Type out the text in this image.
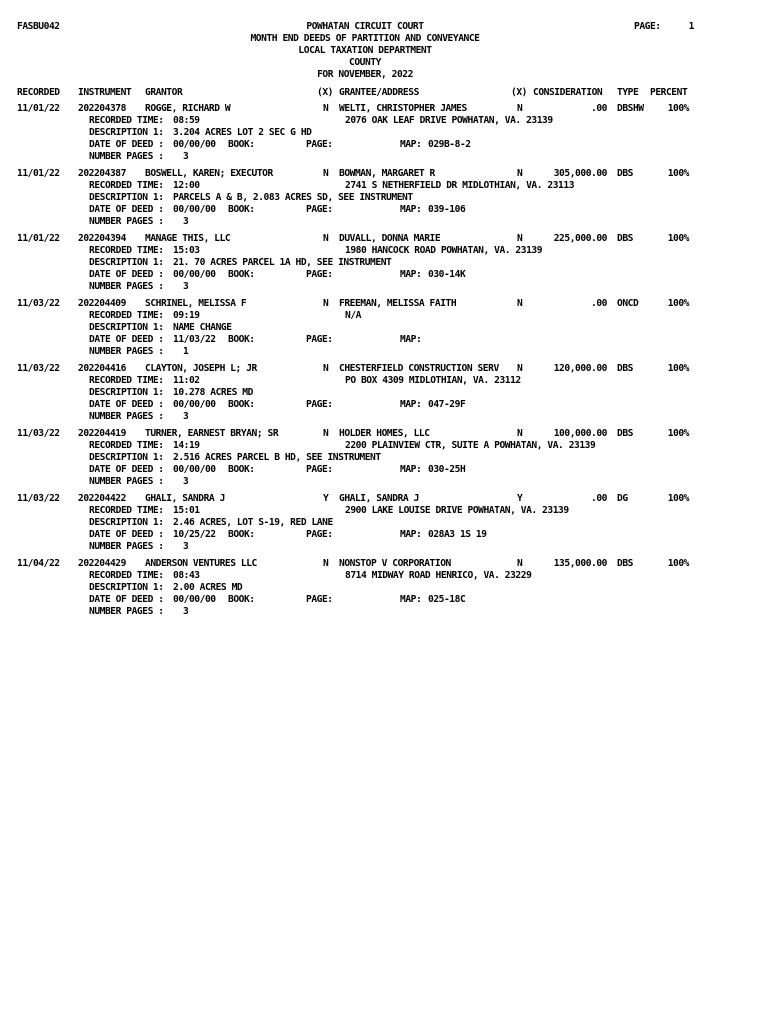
FASBU042	POWHATAN CIRCUIT COURT	PAGE:	1
MONTH END DEEDS OF PARTITION AND CONVEYANCE
LOCAL TAXATION DEPARTMENT
COUNTY
FOR NOVEMBER, 2022
RECORDED INSTRUMENT GRANTOR	(X) GRANTEE/ADDRESS	(X) CONSIDERATION TYPE PERCENT
11/01/22 202204378 ROGGE, RICHARD W	N WELTI, CHRISTOPHER JAMES	N	.00 DBSHW	100%
RECORDED TIME: 08:59	2076 OAK LEAF DRIVE POWHATAN, VA. 23139
DESCRIPTION 1: 3.204 ACRES LOT 2 SEC G HD
DATE OF DEED : 00/00/00 BOOK:	PAGE:	MAP: 029B-8-2
NUMBER PAGES : 3
11/01/22 202204387 BOSWELL, KAREN; EXECUTOR	N BOWMAN, MARGARET R	N	305,000.00 DBS	100%
RECORDED TIME: 12:00	2741 S NETHERFIELD DR MIDLOTHIAN, VA. 23113
DESCRIPTION 1: PARCELS A & B, 2.083 ACRES SD, SEE INSTRUMENT
DATE OF DEED : 00/00/00 BOOK:	PAGE:	MAP: 039-106
NUMBER PAGES : 3
11/01/22 202204394 MANAGE THIS, LLC	N DUVALL, DONNA MARIE	N	225,000.00 DBS	100%
RECORDED TIME: 15:03	1980 HANCOCK ROAD POWHATAN, VA. 23139
DESCRIPTION 1: 21. 70 ACRES PARCEL 1A HD, SEE INSTRUMENT
DATE OF DEED : 00/00/00 BOOK:	PAGE:	MAP: 030-14K
NUMBER PAGES : 3
11/03/22 202204409 SCHRINEL, MELISSA F	N FREEMAN, MELISSA FAITH	N	.00 ONCD	100%
RECORDED TIME: 09:19	N/A
DESCRIPTION 1: NAME CHANGE
DATE OF DEED : 11/03/22 BOOK:	PAGE:	MAP:
NUMBER PAGES : 1
11/03/22 202204416 CLAYTON, JOSEPH L; JR	N CHESTERFIELD CONSTRUCTION SERV N	120,000.00 DBS	100%
RECORDED TIME: 11:02	PO BOX 4309 MIDLOTHIAN, VA. 23112
DESCRIPTION 1: 10.278 ACRES MD
DATE OF DEED : 00/00/00 BOOK:	PAGE:	MAP: 047-29F
NUMBER PAGES : 3
11/03/22 202204419 TURNER, EARNEST BRYAN; SR	N HOLDER HOMES, LLC	N	100,000.00 DBS	100%
RECORDED TIME: 14:19	2200 PLAINVIEW CTR, SUITE A POWHATAN, VA. 23139
DESCRIPTION 1: 2.516 ACRES PARCEL B HD, SEE INSTRUMENT
DATE OF DEED : 00/00/00 BOOK:	PAGE:	MAP: 030-25H
NUMBER PAGES : 3
11/03/22 202204422 GHALI, SANDRA J	Y GHALI, SANDRA J	Y	.00 DG	100%
RECORDED TIME: 15:01	2900 LAKE LOUISE DRIVE POWHATAN, VA. 23139
DESCRIPTION 1: 2.46 ACRES, LOT S-19, RED LANE
DATE OF DEED : 10/25/22 BOOK:	PAGE:	MAP: 028A3 1S 19
NUMBER PAGES : 3
11/04/22 202204429 ANDERSON VENTURES LLC	N NONSTOP V CORPORATION	N	135,000.00 DBS	100%
RECORDED TIME: 08:43	8714 MIDWAY ROAD HENRICO, VA. 23229
DESCRIPTION 1: 2.00 ACRES MD
DATE OF DEED : 00/00/00 BOOK:	PAGE:	MAP: 025-18C
NUMBER PAGES : 3
